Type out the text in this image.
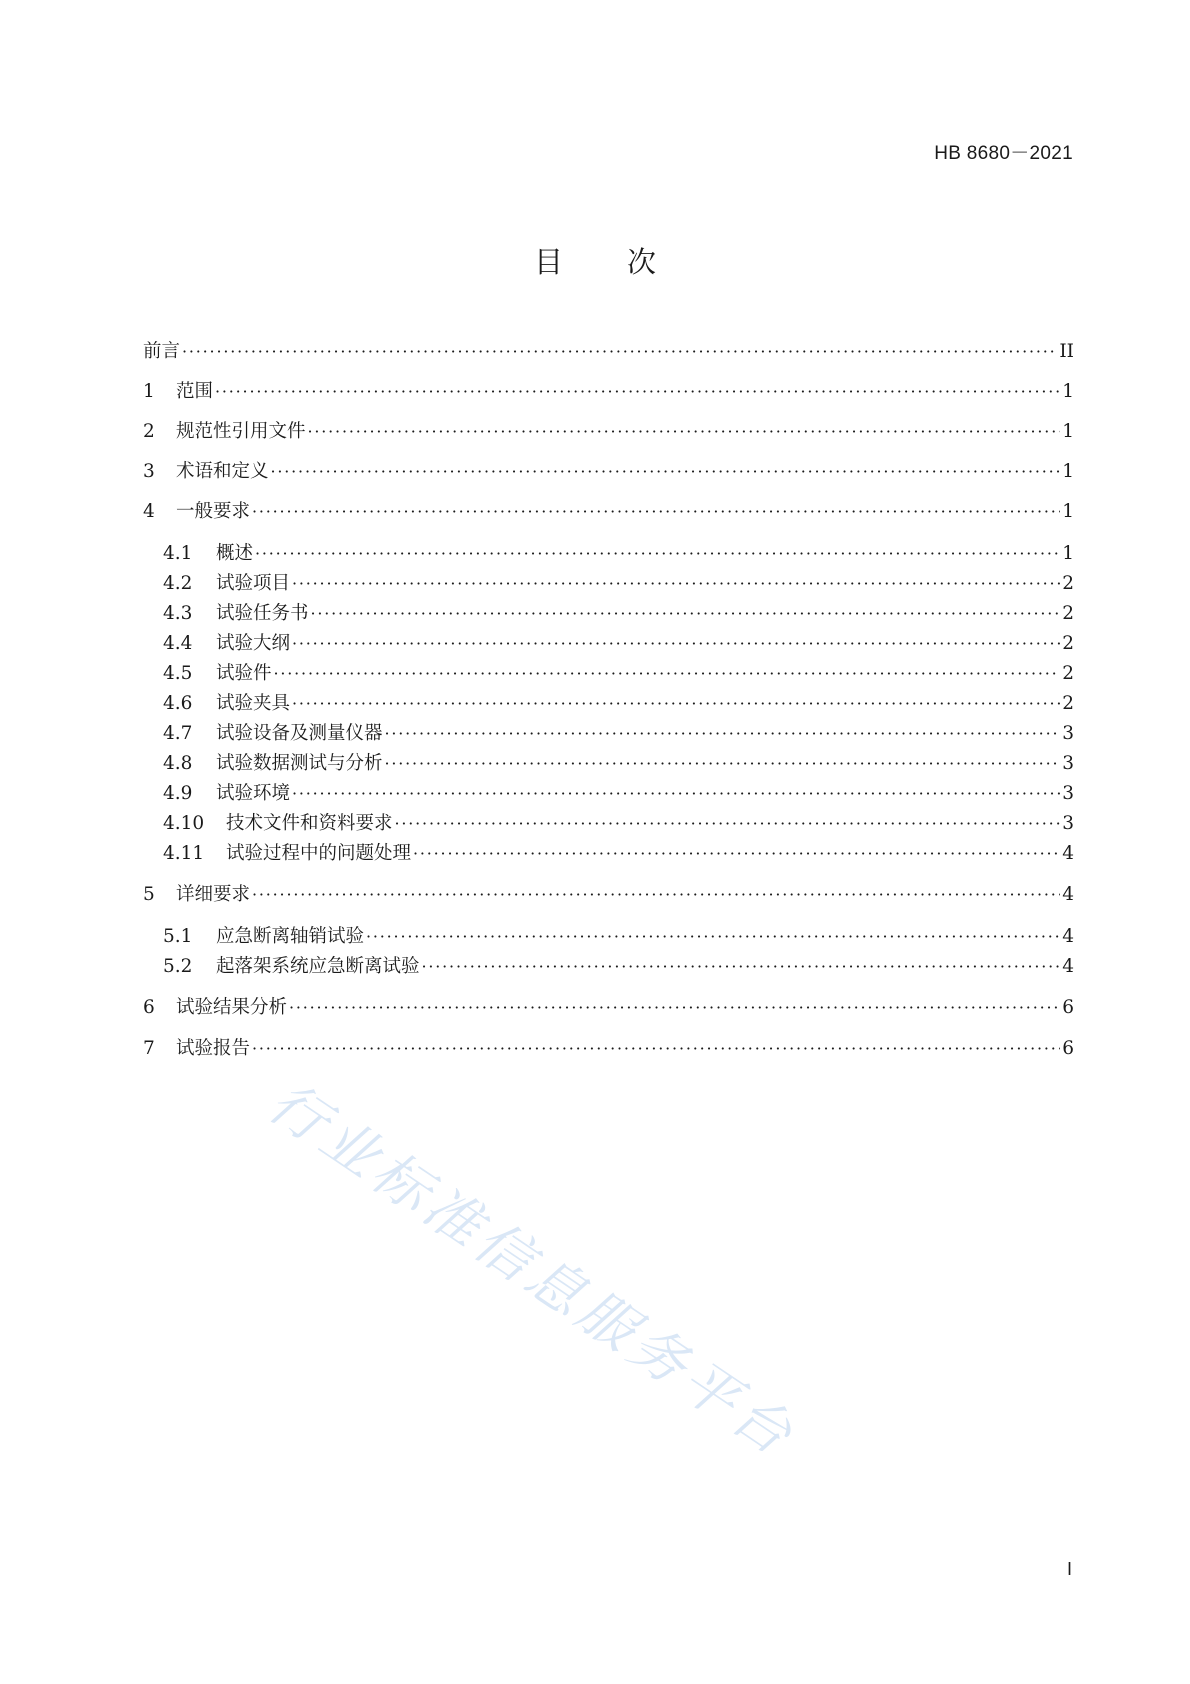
HB 8680－2021
目 次
前言 ·····	II
1	范围 ·····	1
2	规范性引用文件 ·····	1
3	术语和定义 ·····	1
4	一般要求 ·····	1
4.1	概述 ·····	1
4.2	试验项目 ·····	2
4.3	试验任务书 ·····	2
4.4	试验大纲 ·····	2
4.5	试验件 ·····	2
4.6	试验夹具 ·····	2
4.7	试验设备及测量仪器 ·····	3
4.8	试验数据测试与分析 ·····	3
4.9	试验环境 ·····	3
4.10	技术文件和资料要求 ·····	3
4.11	试验过程中的问题处理 ·····	4
5	详细要求 ·····	4
5.1	应急断离轴销试验 ·····	4
5.2	起落架系统应急断离试验 ·····	4
6	试验结果分析 ·····	6
7	试验报告 ·····	6
行业标准信息服务平台
I
